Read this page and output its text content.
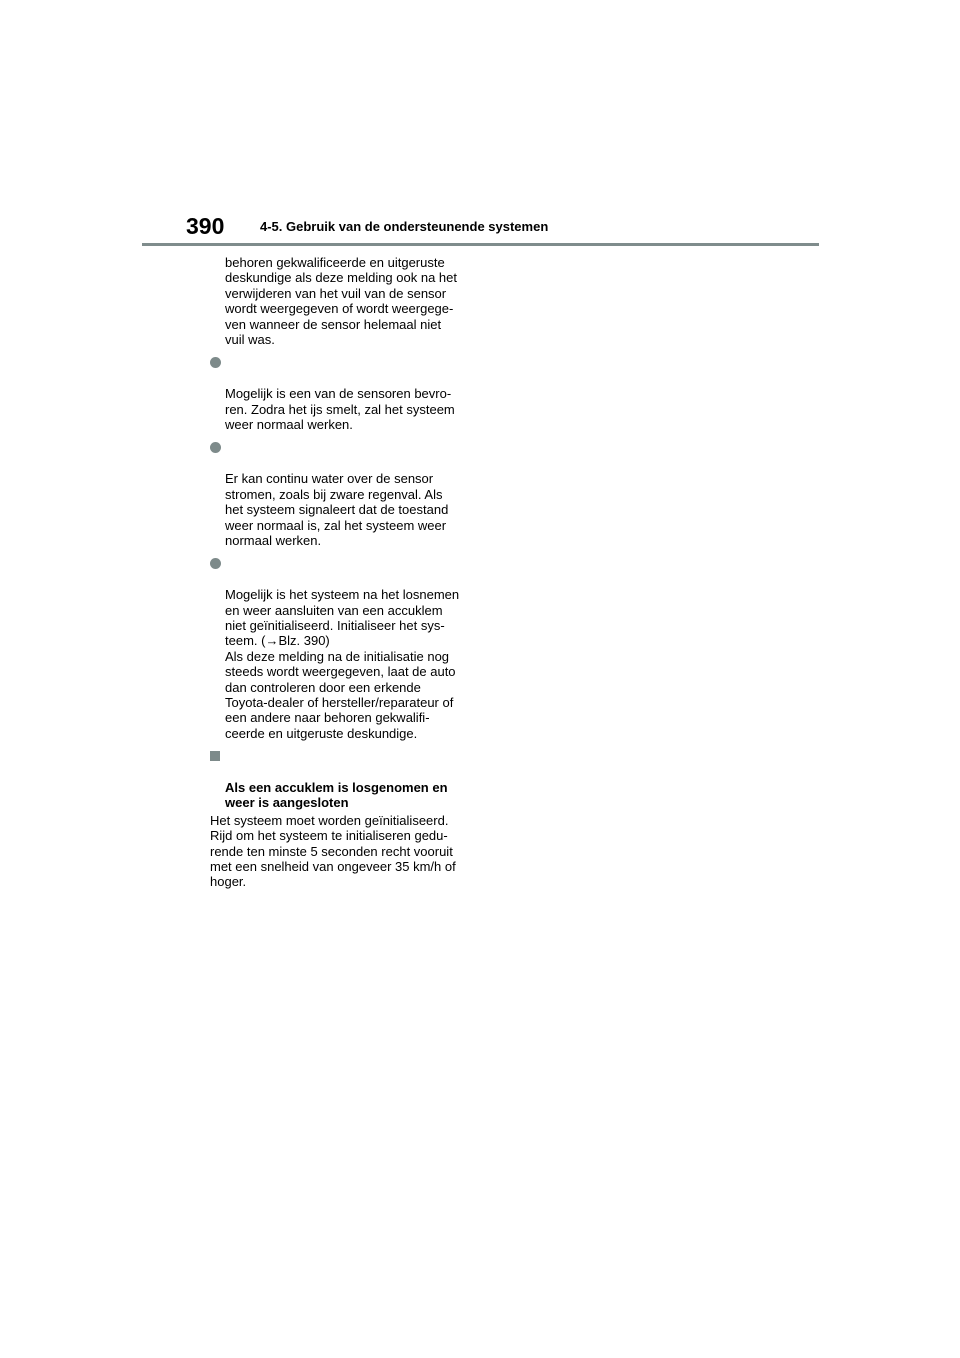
390	4-5. Gebruik van de ondersteunende systemen

behoren gekwalificeerde en uitgeruste
deskundige als deze melding ook na het
verwijderen van het vuil van de sensor
wordt weergegeven of wordt weergege-
ven wanneer de sensor helemaal niet
vuil was.

Mogelijk is een van de sensoren bevro-
ren. Zodra het ijs smelt, zal het systeem
weer normaal werken.

Er kan continu water over de sensor
stromen, zoals bij zware regenval. Als
het systeem signaleert dat de toestand
weer normaal is, zal het systeem weer
normaal werken.

Mogelijk is het systeem na het losnemen
en weer aansluiten van een accuklem
niet geïnitialiseerd. Initialiseer het sys-
teem. (→Blz. 390)
Als deze melding na de initialisatie nog
steeds wordt weergegeven, laat de auto
dan controleren door een erkende
Toyota-dealer of hersteller/reparateur of
een andere naar behoren gekwalifi-
ceerde en uitgeruste deskundige.

Als een accuklem is losgenomen en
weer is aangesloten

Het systeem moet worden geïnitialiseerd.
Rijd om het systeem te initialiseren gedu-
rende ten minste 5 seconden recht vooruit
met een snelheid van ongeveer 35 km/h of
hoger.
